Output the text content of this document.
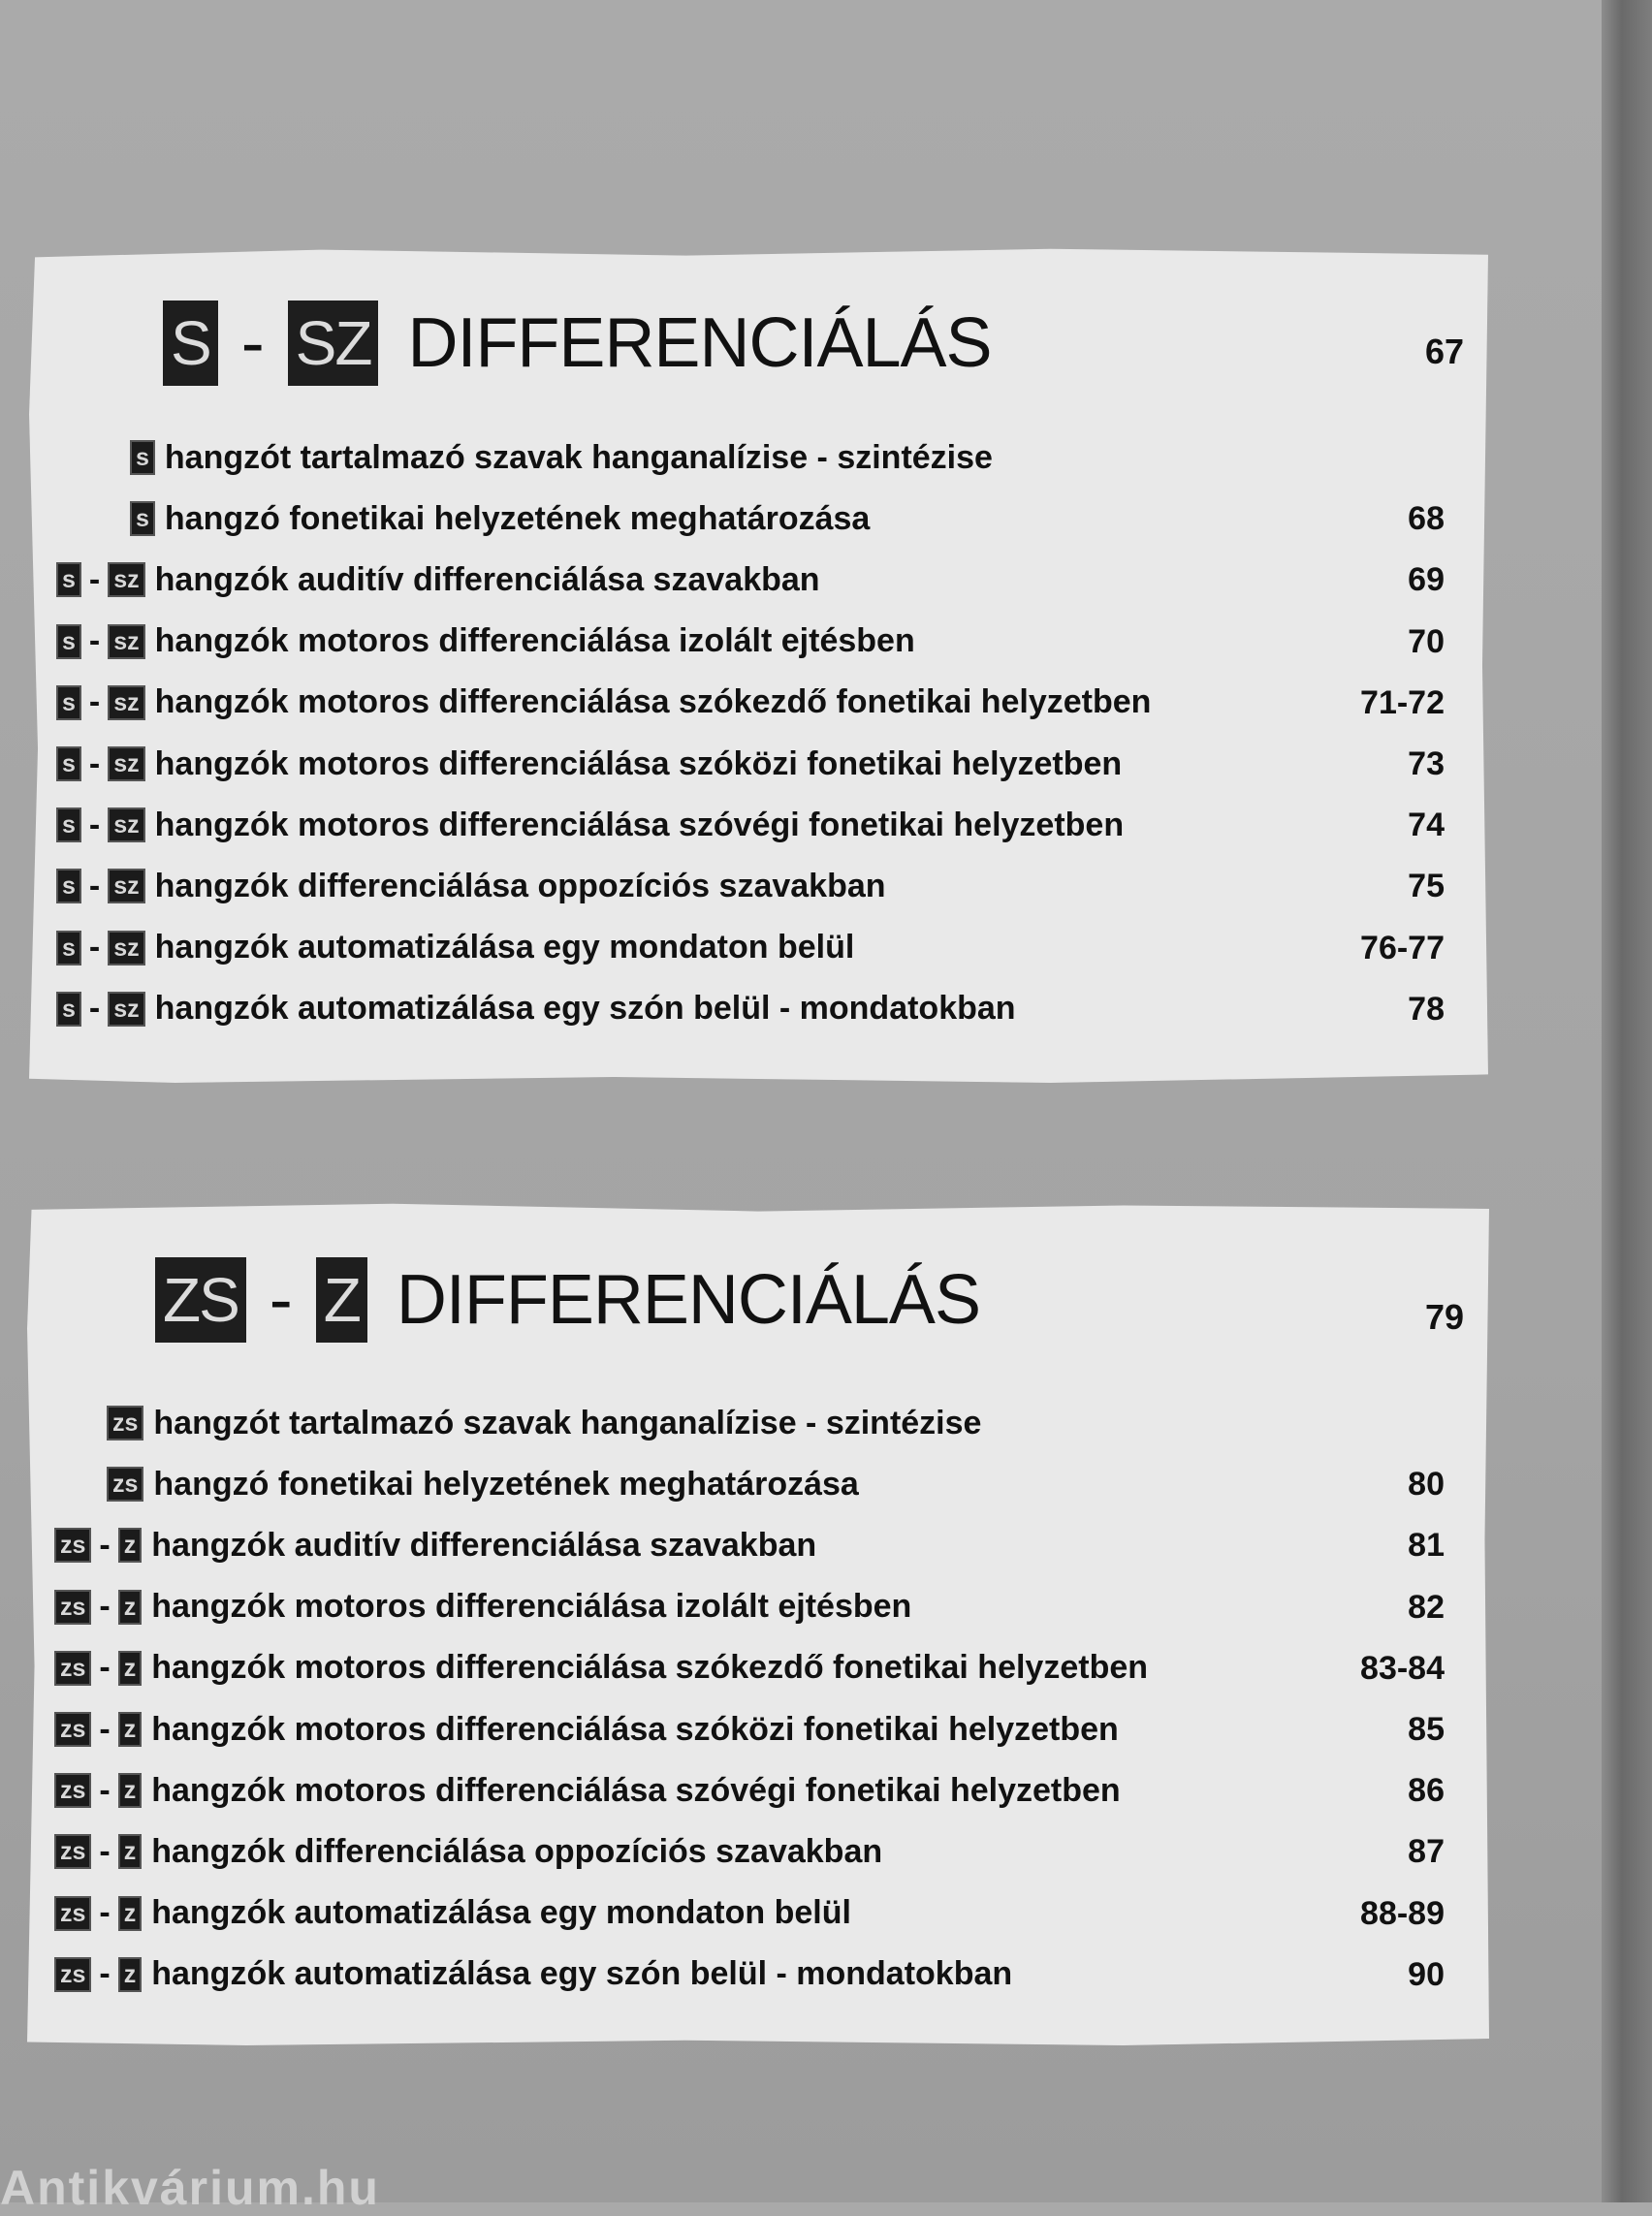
S - SZ DIFFERENCIÁLÁS	67
s hangzót tartalmazó szavak hanganalízise - szintézise
s hangzó fonetikai helyzetének meghatározása	68
s - sz hangzók auditív differenciálása szavakban	69
s - sz hangzók motoros differenciálása izolált ejtésben	70
s - sz hangzók motoros differenciálása szókezdő fonetikai helyzetben	71-72
s - sz hangzók motoros differenciálása szóközi fonetikai helyzetben	73
s - sz hangzók motoros differenciálása szóvégi fonetikai helyzetben	74
s - sz hangzók differenciálása oppozíciós szavakban	75
s - sz hangzók automatizálása egy mondaton belül	76-77
s - sz hangzók automatizálása egy szón belül - mondatokban	78
ZS - Z DIFFERENCIÁLÁS	79
zs hangzót tartalmazó szavak hanganalízise - szintézise
zs hangzó fonetikai helyzetének meghatározása	80
zs - z hangzók auditív differenciálása szavakban	81
zs - z hangzók motoros differenciálása izolált ejtésben	82
zs - z hangzók motoros differenciálása szókezdő fonetikai helyzetben	83-84
zs - z hangzók motoros differenciálása szóközi fonetikai helyzetben	85
zs - z hangzók motoros differenciálása szóvégi fonetikai helyzetben	86
zs - z hangzók differenciálása oppozíciós szavakban	87
zs - z hangzók automatizálása egy mondaton belül	88-89
zs - z hangzók automatizálása egy szón belül - mondatokban	90
Antikvárium.hu
